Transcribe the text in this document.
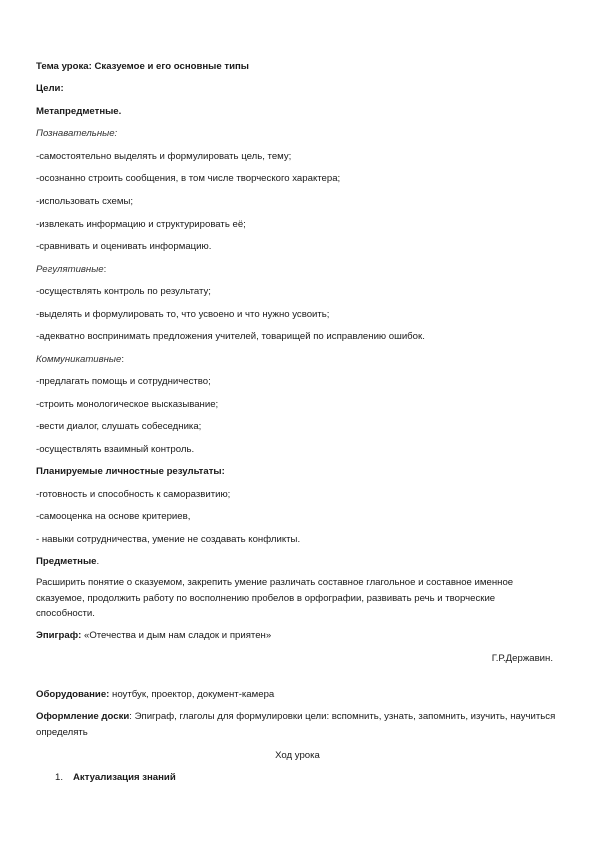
Тема урока: Сказуемое и его основные типы
Цели:
Метапредметные.
Познавательные:
-самостоятельно выделять и формулировать цель, тему;
-осознанно строить сообщения, в том числе творческого характера;
-использовать схемы;
-извлекать информацию и структурировать её;
-сравнивать и оценивать информацию.
Регулятивные:
-осуществлять контроль по результату;
-выделять и формулировать то, что усвоено и что нужно усвоить;
-адекватно воспринимать предложения учителей, товарищей по исправлению ошибок.
Коммуникативные:
-предлагать помощь и сотрудничество;
-строить монологическое высказывание;
-вести диалог, слушать собеседника;
-осуществлять взаимный контроль.
Планируемые личностные результаты:
-готовность и способность к саморазвитию;
-самооценка на основе критериев,
- навыки сотрудничества, умение не создавать конфликты.
Предметные.
Расширить понятие о сказуемом, закрепить умение различать составное глагольное и составное именное сказуемое, продолжить работу по восполнению пробелов в орфографии, развивать речь и творческие способности.
Эпиграф: «Отечества и дым нам сладок и приятен»
Г.Р.Державин.
Оборудование: ноутбук, проектор, документ-камера
Оформление доски: Эпиграф, глаголы для формулировки цели: вспомнить, узнать, запомнить, изучить, научиться определять
Ход урока
1. Актуализация знаний
